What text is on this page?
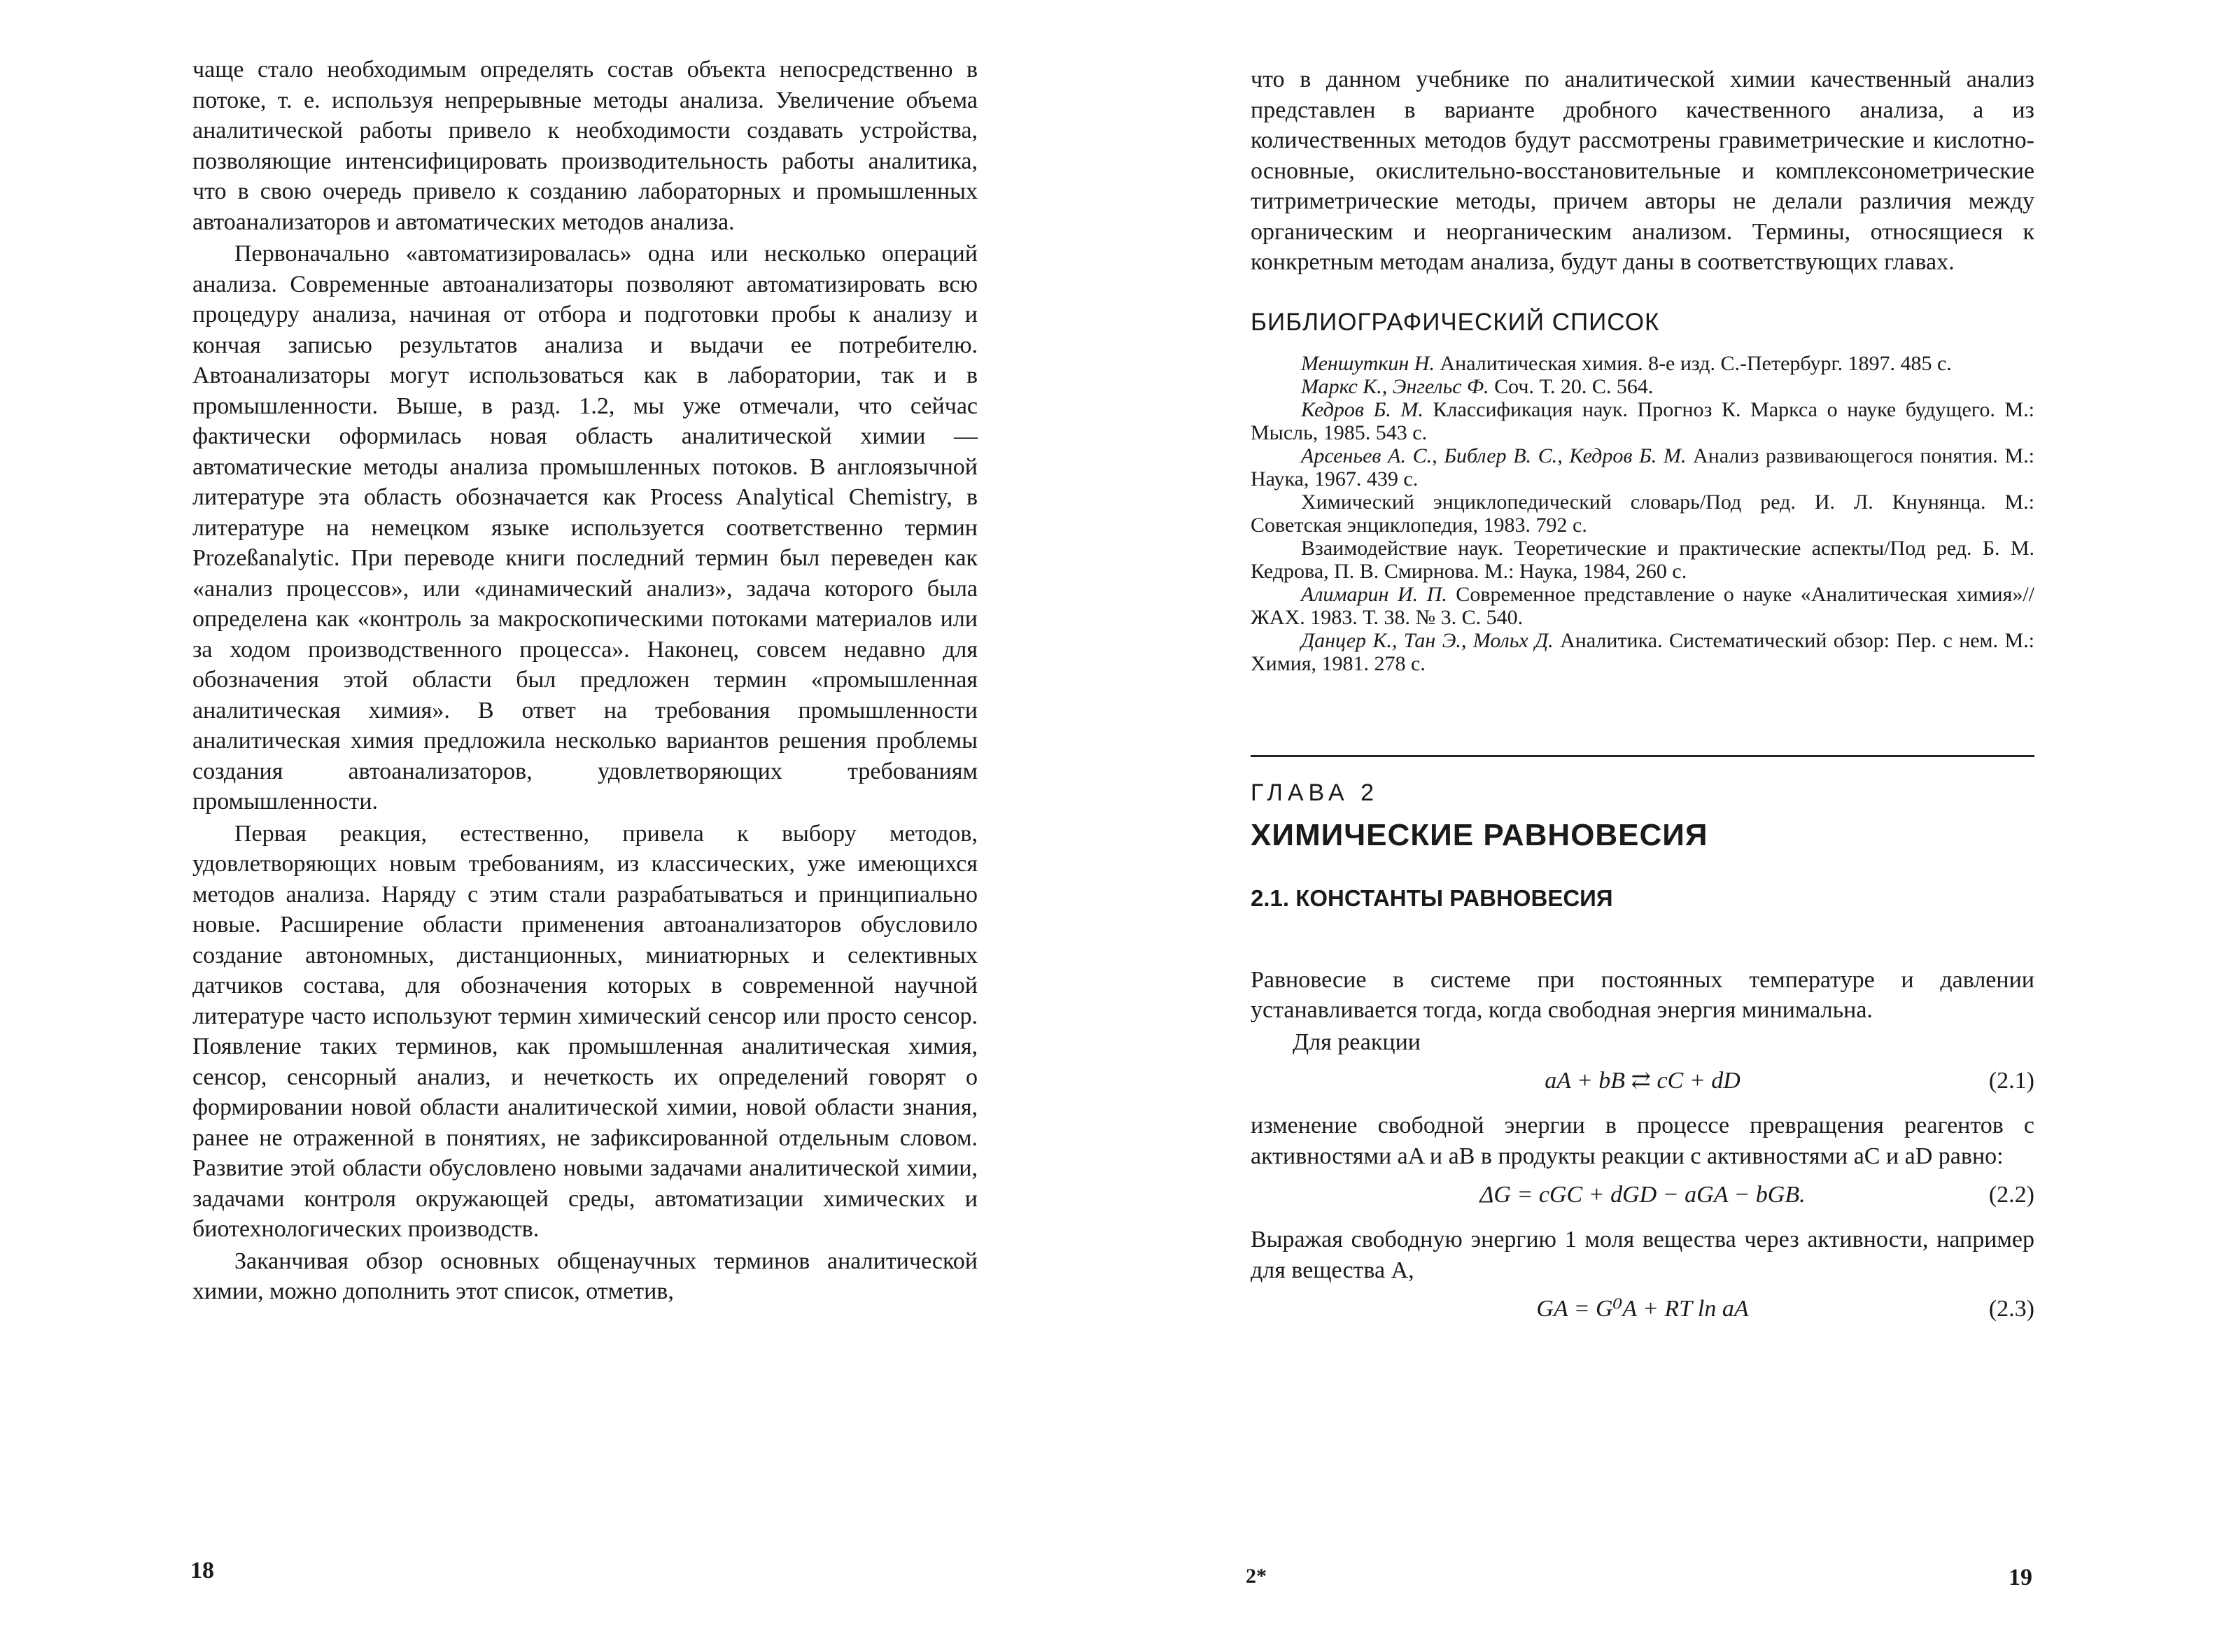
чаще стало необходимым определять состав объекта непосредственно в потоке, т. е. используя непрерывные методы анализа. Увеличение объема аналитической работы привело к необходимости создавать устройства, позволяющие интенсифицировать производительность работы аналитика, что в свою очередь привело к созданию лабораторных и промышленных автоанализаторов и автоматических методов анализа.

Первоначально «автоматизировалась» одна или несколько операций анализа. Современные автоанализаторы позволяют автоматизировать всю процедуру анализа, начиная от отбора и подготовки пробы к анализу и кончая записью результатов анализа и выдачи ее потребителю. Автоанализаторы могут использоваться как в лаборатории, так и в промышленности. Выше, в разд. 1.2, мы уже отмечали, что сейчас фактически оформилась новая область аналитической химии — автоматические методы анализа промышленных потоков. В англоязычной литературе эта область обозначается как Process Analytical Chemistry, в литературе на немецком языке используется соответственно термин Prozeßanalytic. При переводе книги последний термин был переведен как «анализ процессов», или «динамический анализ», задача которого была определена как «контроль за макроскопическими потоками материалов или за ходом производственного процесса». Наконец, совсем недавно для обозначения этой области был предложен термин «промышленная аналитическая химия». В ответ на требования промышленности аналитическая химия предложила несколько вариантов решения проблемы создания автоанализаторов, удовлетворяющих требованиям промышленности.

Первая реакция, естественно, привела к выбору методов, удовлетворяющих новым требованиям, из классических, уже имеющихся методов анализа. Наряду с этим стали разрабатываться и принципиально новые. Расширение области применения автоанализаторов обусловило создание автономных, дистанционных, миниатюрных и селективных датчиков состава, для обозначения которых в современной научной литературе часто используют термин химический сенсор или просто сенсор. Появление таких терминов, как промышленная аналитическая химия, сенсор, сенсорный анализ, и нечеткость их определений говорят о формировании новой области аналитической химии, новой области знания, ранее не отраженной в понятиях, не зафиксированной отдельным словом. Развитие этой области обусловлено новыми задачами аналитической химии, задачами контроля окружающей среды, автоматизации химических и биотехнологических производств.

Заканчивая обзор основных общенаучных терминов аналитической химии, можно дополнить этот список, отметив,

18

что в данном учебнике по аналитической химии качественный анализ представлен в варианте дробного качественного анализа, а из количественных методов будут рассмотрены гравиметрические и кислотно-основные, окислительно-восстановительные и комплексонометрические титриметрические методы, причем авторы не делали различия между органическим и неорганическим анализом. Термины, относящиеся к конкретным методам анализа, будут даны в соответствующих главах.

БИБЛИОГРАФИЧЕСКИЙ СПИСОК
Меншуткин Н. Аналитическая химия. 8-е изд. С.-Петербург. 1897. 485 с.
Маркс К., Энгельс Ф. Соч. Т. 20. С. 564.
Кедров Б. М. Классификация наук. Прогноз К. Маркса о науке будущего. М.: Мысль, 1985. 543 с.
Арсеньев А. С., Библер В. С., Кедров Б. М. Анализ развивающегося понятия. М.: Наука, 1967. 439 с.
Химический энциклопедический словарь/Под ред. И. Л. Кнунянца. М.: Советская энциклопедия, 1983. 792 с.
Взаимодействие наук. Теоретические и практические аспекты/Под ред. Б. М. Кедрова, П. В. Смирнова. М.: Наука, 1984, 260 с.
Алимарин И. П. Современное представление о науке «Аналитическая химия»//ЖАХ. 1983. Т. 38. № 3. С. 540.
Данцер К., Тан Э., Мольх Д. Аналитика. Систематический обзор: Пер. с нем. М.: Химия, 1981. 278 с.
ГЛАВА 2
ХИМИЧЕСКИЕ РАВНОВЕСИЯ
2.1. КОНСТАНТЫ РАВНОВЕСИЯ

Равновесие в системе при постоянных температуре и давлении устанавливается тогда, когда свободная энергия минимальна.

Для реакции

aA + bB ⇄ cC + dD	(2.1)

изменение свободной энергии в процессе превращения реагентов с активностями aA и aB в продукты реакции с активностями aC и aD равно:

ΔG = cGC + dGD − aGA − bGB.	(2.2)

Выражая свободную энергию 1 моля вещества через активности, например для вещества А,

GA = G⁰A + RT ln aA	(2.3)
2*	19
